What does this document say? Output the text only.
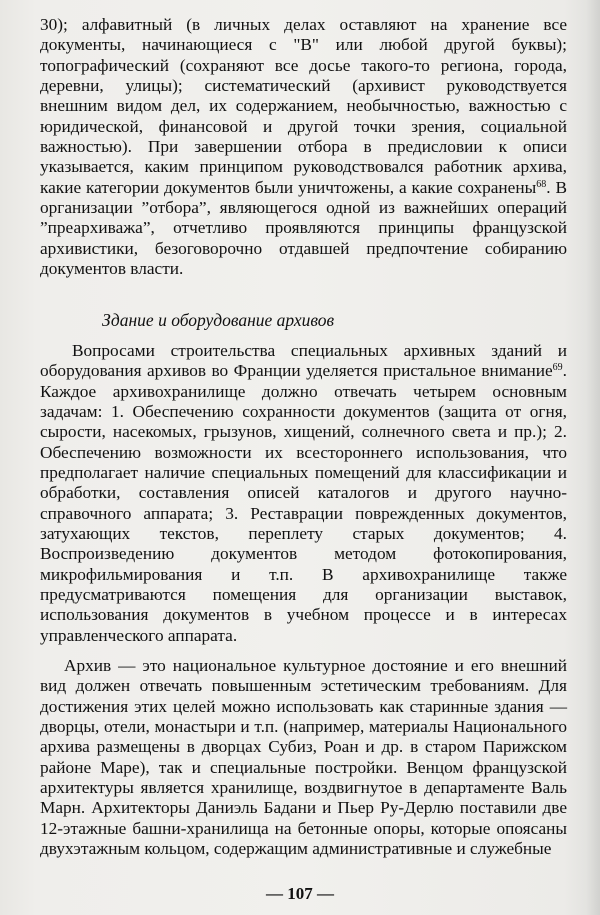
30); алфавитный (в личных делах оставляют на хранение все документы, начинающиеся с "В" или любой другой буквы); топографический (сохраняют все досье такого-то региона, города, деревни, улицы); систематический (архивист руководствуется внешним видом дел, их содержанием, необычностью, важностью с юридической, финансовой и другой точки зрения, социальной важностью). При завершении отбора в предисловии к описи указывается, каким принципом руководствовался работник архива, какие категории документов были уничтожены, а какие сохранены$^{68}$. В организации ”отбора”, являющегося одной из важнейших операций ”преархиважа”, отчетливо проявляются принципы французской архивистики, безоговорочно отдавшей предпочтение собиранию документов власти.
Здание и оборудование архивов
Вопросами строительства специальных архивных зданий и оборудования архивов во Франции уделяется пристальное внимание$^{69}$. Каждое архивохранилище должно отвечать четырем основным задачам: 1. Обеспечению сохранности документов (защита от огня, сырости, насекомых, грызунов, хищений, солнечного света и пр.); 2. Обеспечению возможности их всестороннего использования, что предполагает наличие специальных помещений для классификации и обработки, составления описей каталогов и другого научно-справочного аппарата; 3. Реставрации поврежденных документов, затухающих текстов, переплету старых документов; 4. Воспроизведению документов методом фотокопирования, микрофильмирования и т.п. В архивохранилище также предусматриваются помещения для организации выставок, использования документов в учебном процессе и в интересах управленческого аппарата.
Архив — это национальное культурное достояние и его внешний вид должен отвечать повышенным эстетическим требованиям. Для достижения этих целей можно использовать как старинные здания — дворцы, отели, монастыри и т.п. (например, материалы Национального архива размещены в дворцах Субиз, Роан и др. в старом Парижском районе Маре), так и специальные постройки. Венцом французской архитектуры является хранилище, воздвигнутое в департаменте Валь Марн. Архитекторы Даниэль Бадани и Пьер Ру-Дерлю поставили две 12-этажные башни-хранилища на бетонные опоры, которые опоясаны двухэтажным кольцом, содержащим административные и служебные
— 107 —
